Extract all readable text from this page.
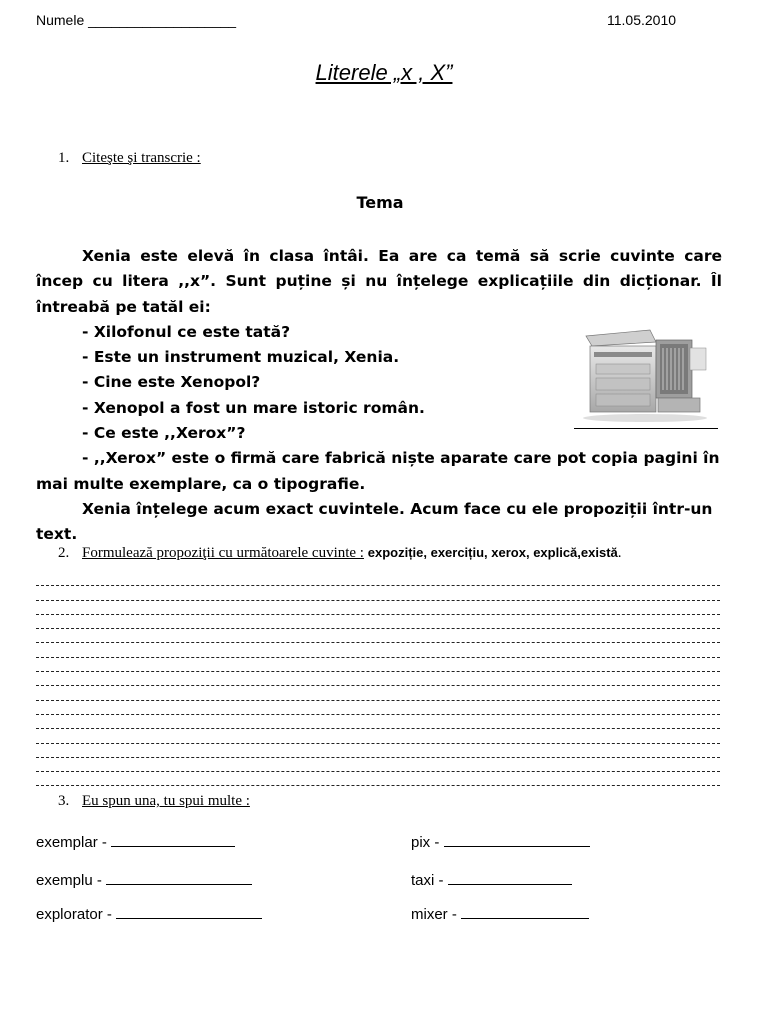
Numele ___________________	11.05.2010
Literele „x , X”
1. Citeşte şi transcrie :
Tema

Xenia este elevă în clasa întâi. Ea are ca temă să scrie cuvinte care încep cu litera ,,x”. Sunt puține și nu înțelege explicațiile din dicționar. Îl întreabă pe tatăl ei:

- Xilofonul ce este tată?

- Este un instrument muzical, Xenia.

- Cine este Xenopol?

- Xenopol a fost un mare istoric român.

- Ce este ,,Xerox”?

- ,,Xerox” este o firmă care fabrică niște aparate care pot copia pagini în mai multe exemplare, ca o tipografie.

Xenia înțelege acum exact cuvintele. Acum face cu ele propoziții într-un text.

2. Formulează propoziţii cu următoarele cuvinte : expoziție, exercițiu, xerox, explică,există.
3. Eu spun una, tu spui multe :
exemplar -	pix -
exemplu -	taxi -
explorator -	mixer -
